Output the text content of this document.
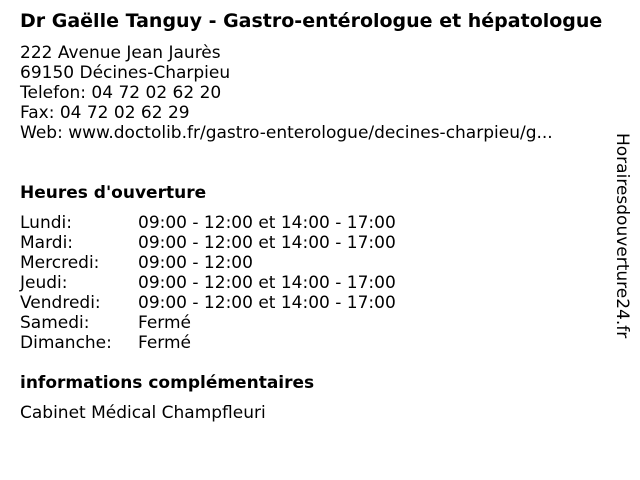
Dr Gaëlle Tanguy - Gastro-entérologue et hépatologue
222 Avenue Jean Jaurès
69150 Décines-Charpieu
Telefon: 04 72 02 62 20
Fax: 04 72 02 62 29
Web: www.doctolib.fr/gastro-enterologue/decines-charpieu/g...
Heures d'ouverture
Lundi:	09:00 - 12:00 et 14:00 - 17:00
Mardi:	09:00 - 12:00 et 14:00 - 17:00
Mercredi:	09:00 - 12:00
Jeudi:	09:00 - 12:00 et 14:00 - 17:00
Vendredi:	09:00 - 12:00 et 14:00 - 17:00
Samedi:	Fermé
Dimanche:	Fermé
informations complémentaires
Cabinet Médical Champfleuri
Horairesdouverture24.fr
